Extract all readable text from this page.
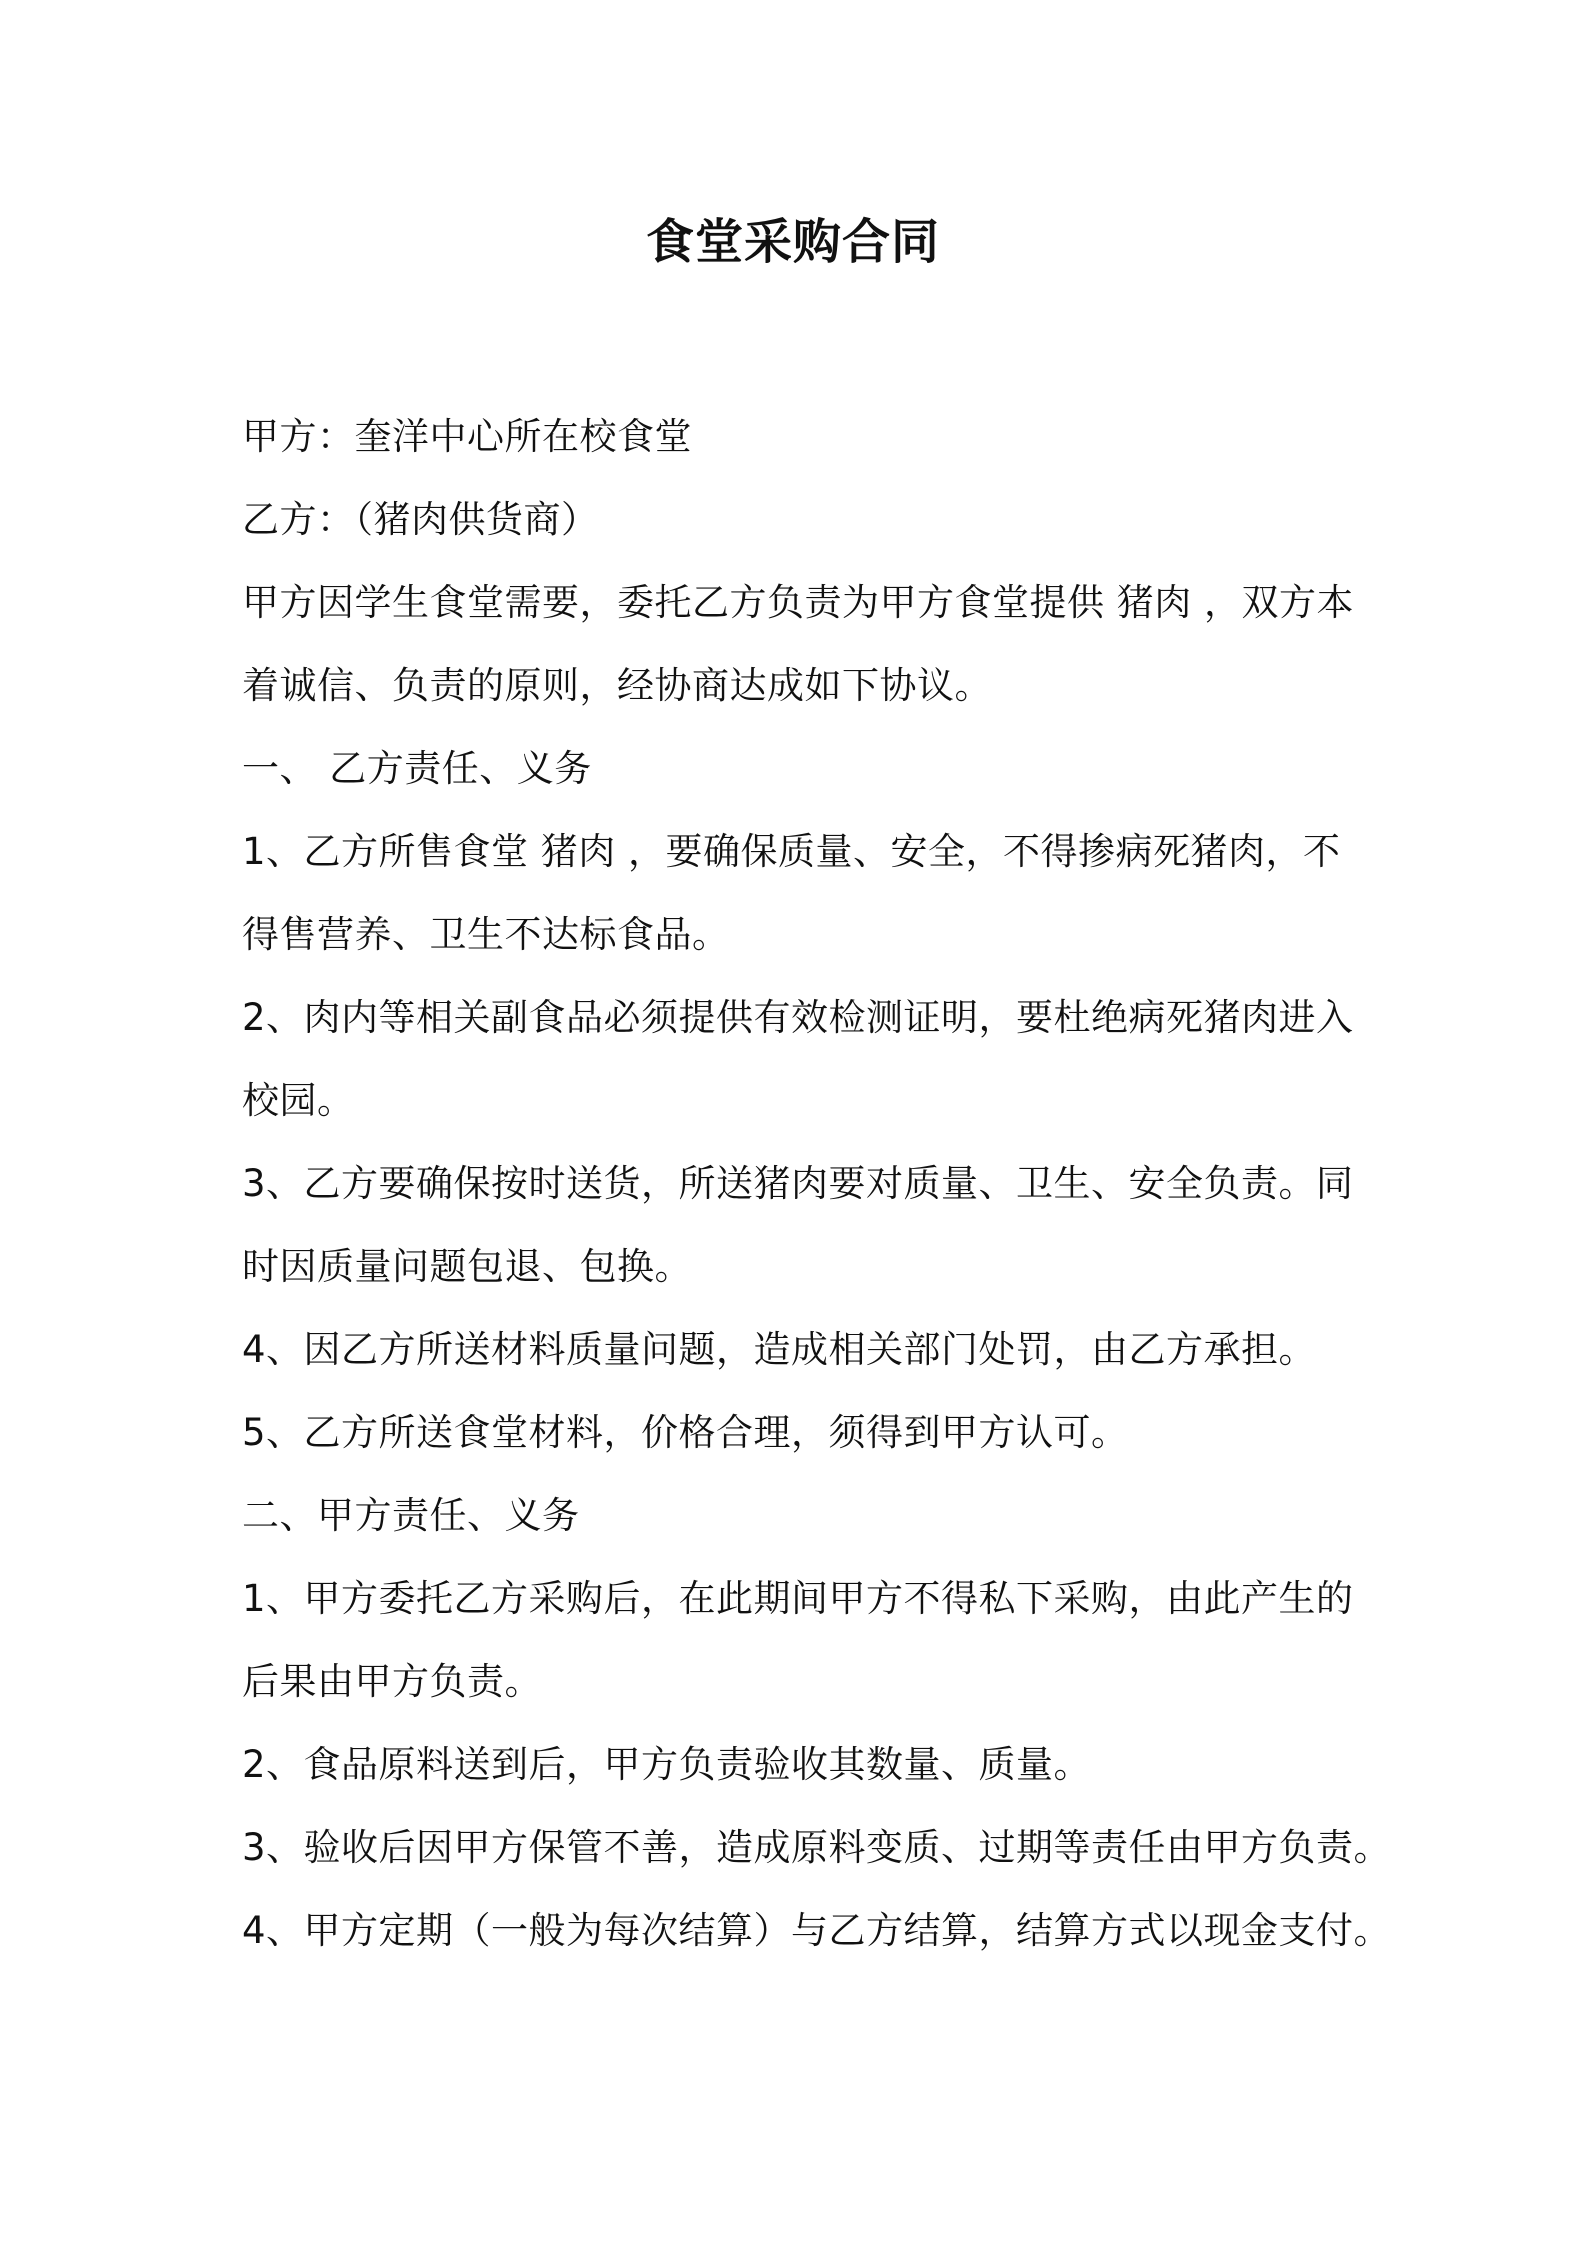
食堂采购合同
甲方：奎洋中心所在校食堂
乙方：（猪肉供货商）
甲方因学生食堂需要，委托乙方负责为甲方食堂提供 猪肉 ，双方本
着诚信、负责的原则，经协商达成如下协议。
一、 乙方责任、义务
1、乙方所售食堂 猪肉 ，要确保质量、安全，不得掺病死猪肉，不
得售营养、卫生不达标食品。
2、肉内等相关副食品必须提供有效检测证明，要杜绝病死猪肉进入
校园。
3、乙方要确保按时送货，所送猪肉要对质量、卫生、安全负责。同
时因质量问题包退、包换。
4、因乙方所送材料质量问题，造成相关部门处罚，由乙方承担。
5、乙方所送食堂材料，价格合理，须得到甲方认可。
二、甲方责任、义务
1、甲方委托乙方采购后，在此期间甲方不得私下采购，由此产生的
后果由甲方负责。
2、食品原料送到后，甲方负责验收其数量、质量。
3、验收后因甲方保管不善，造成原料变质、过期等责任由甲方负责。
4、甲方定期（一般为每次结算）与乙方结算，结算方式以现金支付。
